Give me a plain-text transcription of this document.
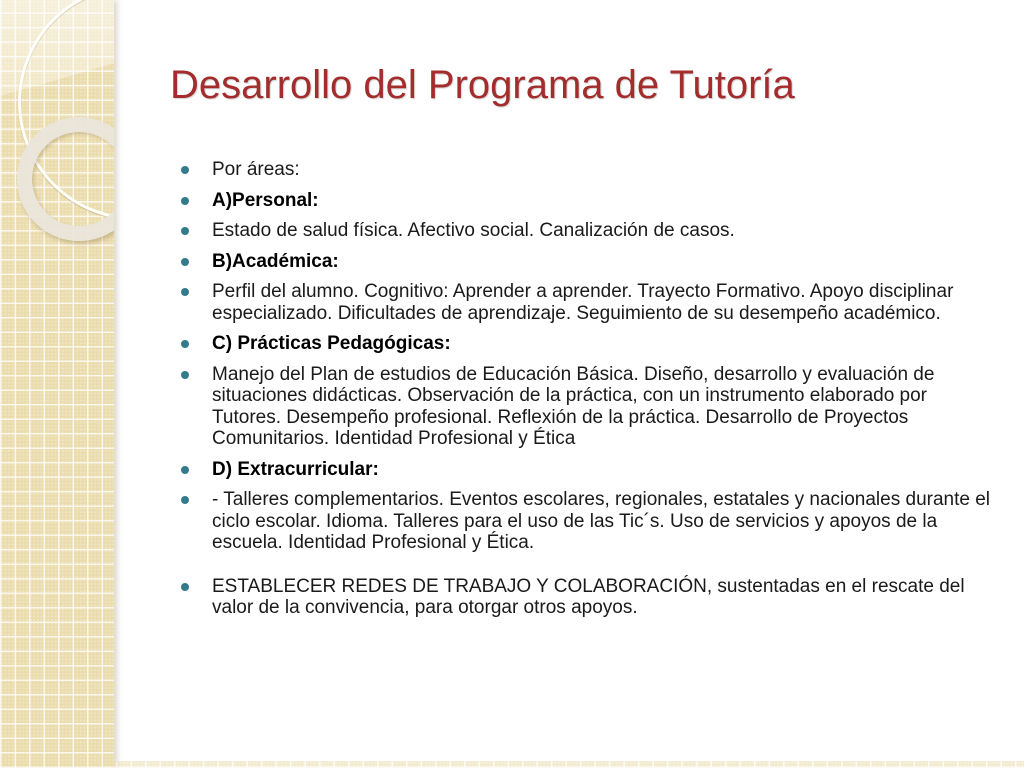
Desarrollo del Programa de Tutoría
Por áreas:
A)Personal:
Estado de salud física. Afectivo social. Canalización de casos.
B)Académica:
Perfil del alumno. Cognitivo: Aprender a aprender. Trayecto Formativo. Apoyo disciplinar especializado. Dificultades de aprendizaje. Seguimiento de su desempeño académico.
C) Prácticas Pedagógicas:
Manejo del Plan de estudios de Educación Básica. Diseño, desarrollo y evaluación de situaciones didácticas. Observación de la práctica, con un instrumento elaborado por Tutores. Desempeño profesional. Reflexión de la práctica. Desarrollo de Proyectos Comunitarios. Identidad Profesional y Ética
D) Extracurricular:
- Talleres complementarios. Eventos escolares, regionales, estatales y nacionales durante el ciclo escolar. Idioma. Talleres para el uso de las Tic´s. Uso de servicios y apoyos de la escuela. Identidad Profesional y Ética.
ESTABLECER REDES DE TRABAJO Y COLABORACIÓN, sustentadas en el rescate del valor de la convivencia, para otorgar otros apoyos.
